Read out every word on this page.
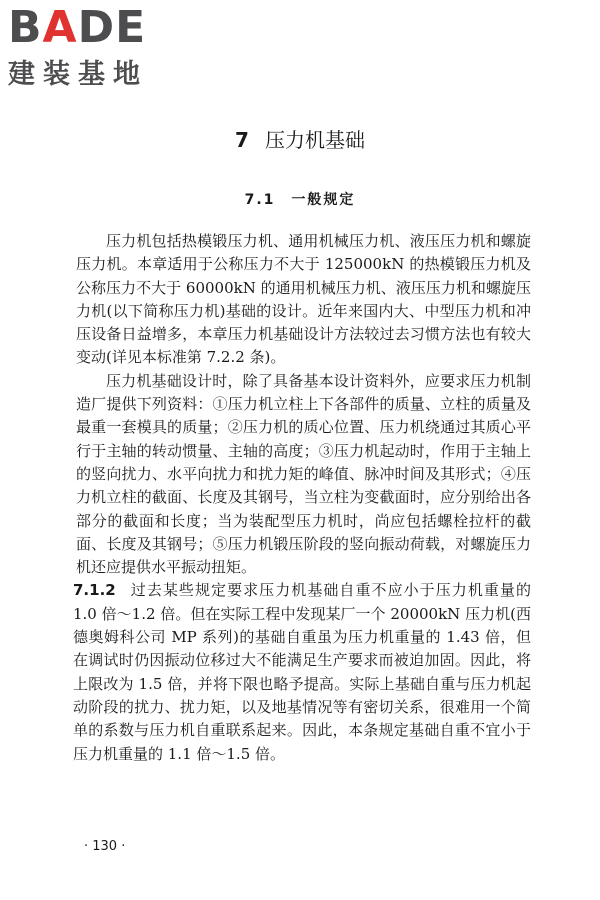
BADE
建装基地
7 压力机基础
7.1 一般规定

压力机包括热模锻压力机、通用机械压力机、液压压力机和螺旋压力机。本章适用于公称压力不大于 125000kN 的热模锻压力机及公称压力不大于 60000kN 的通用机械压力机、液压压力机和螺旋压力机(以下简称压力机)基础的设计。近年来国内大、中型压力机和冲压设备日益增多，本章压力机基础设计方法较过去习惯方法也有较大变动(详见本标准第 7.2.2 条)。

压力机基础设计时，除了具备基本设计资料外，应要求压力机制造厂提供下列资料：①压力机立柱上下各部件的质量、立柱的质量及最重一套模具的质量；②压力机的质心位置、压力机绕通过其质心平行于主轴的转动惯量、主轴的高度；③压力机起动时，作用于主轴上的竖向扰力、水平向扰力和扰力矩的峰值、脉冲时间及其形式；④压力机立柱的截面、长度及其钢号，当立柱为变截面时，应分别给出各部分的截面和长度；当为装配型压力机时，尚应包括螺栓拉杆的截面、长度及其钢号；⑤压力机锻压阶段的竖向振动荷载，对螺旋压力机还应提供水平振动扭矩。

7.1.2 过去某些规定要求压力机基础自重不应小于压力机重量的 1.0 倍～1.2 倍。但在实际工程中发现某厂一个 20000kN 压力机(西德奥姆科公司 MP 系列)的基础自重虽为压力机重量的 1.43 倍，但在调试时仍因振动位移过大不能满足生产要求而被迫加固。因此，将上限改为 1.5 倍，并将下限也略予提高。实际上基础自重与压力机起动阶段的扰力、扰力矩，以及地基情况等有密切关系，很难用一个简单的系数与压力机自重联系起来。因此，本条规定基础自重不宜小于压力机重量的 1.1 倍～1.5 倍。

· 130 ·
